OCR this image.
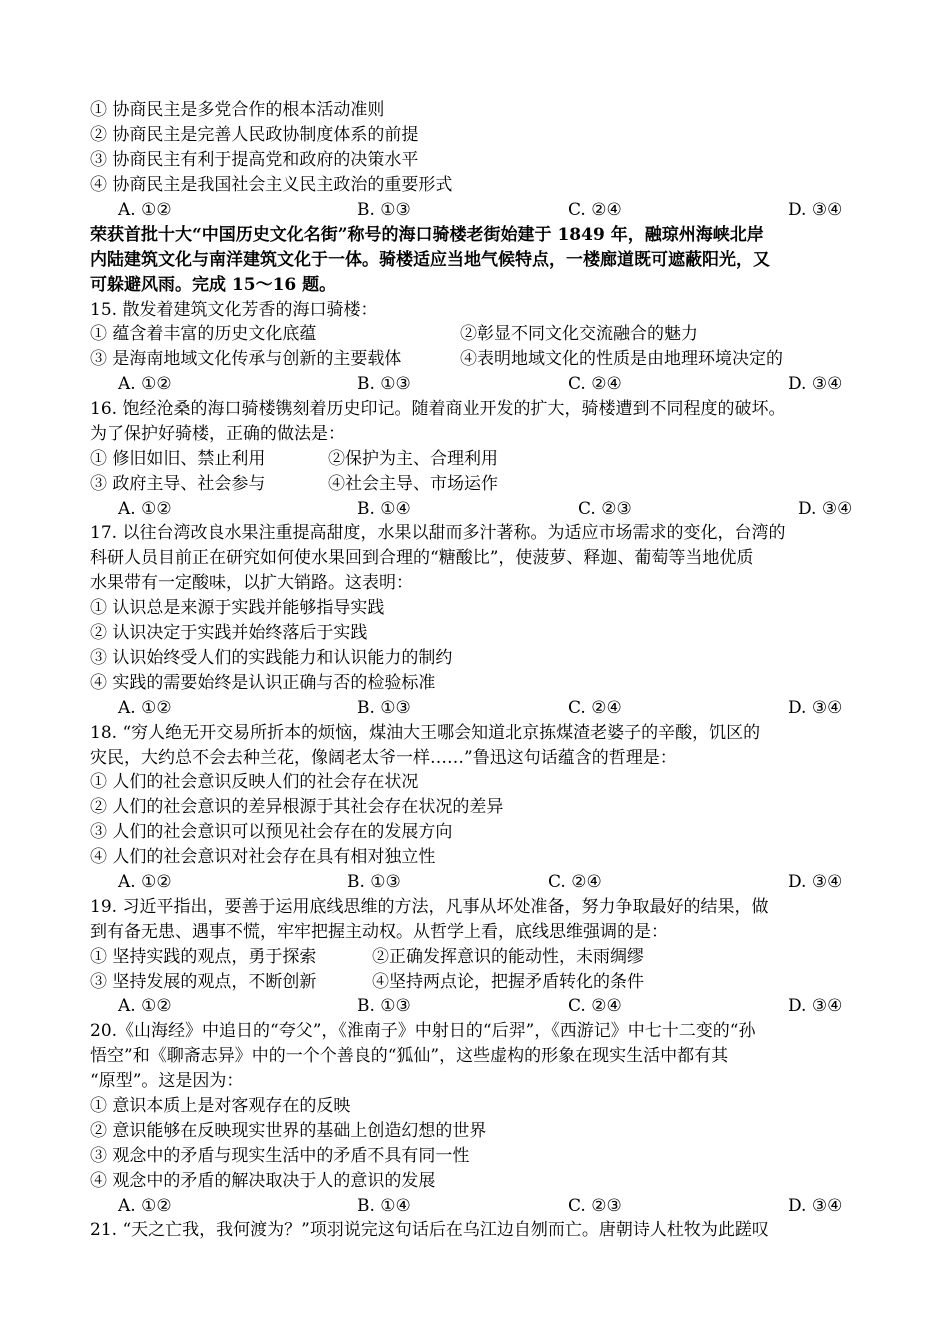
① 协商民主是多党合作的根本活动准则
② 协商民主是完善人民政协制度体系的前提
③ 协商民主有利于提高党和政府的决策水平
④ 协商民主是我国社会主义民主政治的重要形式
A. ①②	B. ①③	C. ②④	D. ③④
荣获首批十大“中国历史文化名街”称号的海口骑楼老街始建于 1849 年，融琼州海峡北岸
内陆建筑文化与南洋建筑文化于一体。骑楼适应当地气候特点，一楼廊道既可遮蔽阳光，又
可躲避风雨。完成 15～16 题。
15. 散发着建筑文化芳香的海口骑楼：
① 蕴含着丰富的历史文化底蕴	②彰显不同文化交流融合的魅力
③ 是海南地域文化传承与创新的主要载体	④表明地域文化的性质是由地理环境决定的
A. ①②	B. ①③	C. ②④	D. ③④
16. 饱经沧桑的海口骑楼镌刻着历史印记。随着商业开发的扩大，骑楼遭到不同程度的破坏。
为了保护好骑楼，正确的做法是：
① 修旧如旧、禁止利用	②保护为主、合理利用
③ 政府主导、社会参与	④社会主导、市场运作
A. ①②	B. ①④	C. ②③	D. ③④
17. 以往台湾改良水果注重提高甜度，水果以甜而多汁著称。为适应市场需求的变化，台湾的
科研人员目前正在研究如何使水果回到合理的“糖酸比”，使菠萝、释迦、葡萄等当地优质
水果带有一定酸味，以扩大销路。这表明：
① 认识总是来源于实践并能够指导实践
② 认识决定于实践并始终落后于实践
③ 认识始终受人们的实践能力和认识能力的制约
④ 实践的需要始终是认识正确与否的检验标准
A. ①②	B. ①③	C. ②④	D. ③④
18. “穷人绝无开交易所折本的烦恼，煤油大王哪会知道北京拣煤渣老婆子的辛酸，饥区的
灾民，大约总不会去种兰花，像阔老太爷一样……”鲁迅这句话蕴含的哲理是：
① 人们的社会意识反映人们的社会存在状况
② 人们的社会意识的差异根源于其社会存在状况的差异
③ 人们的社会意识可以预见社会存在的发展方向
④ 人们的社会意识对社会存在具有相对独立性
A. ①②	B. ①③	C. ②④	D. ③④
19. 习近平指出，要善于运用底线思维的方法，凡事从坏处准备，努力争取最好的结果，做
到有备无患、遇事不慌，牢牢把握主动权。从哲学上看，底线思维强调的是：
① 坚持实践的观点，勇于探索	②正确发挥意识的能动性，未雨绸缪
③ 坚持发展的观点，不断创新	④坚持两点论，把握矛盾转化的条件
A. ①②	B. ①③	C. ②④	D. ③④
20.《山海经》中追日的“夸父”，《淮南子》中射日的“后羿”，《西游记》中七十二变的“孙
悟空”和《聊斋志异》中的一个个善良的“狐仙”，这些虚构的形象在现实生活中都有其
“原型”。这是因为：
① 意识本质上是对客观存在的反映
② 意识能够在反映现实世界的基础上创造幻想的世界
③ 观念中的矛盾与现实生活中的矛盾不具有同一性
④ 观念中的矛盾的解决取决于人的意识的发展
A. ①②	B. ①④	C. ②③	D. ③④
21. “天之亡我，我何渡为？”项羽说完这句话后在乌江边自刎而亡。唐朝诗人杜牧为此蹉叹
